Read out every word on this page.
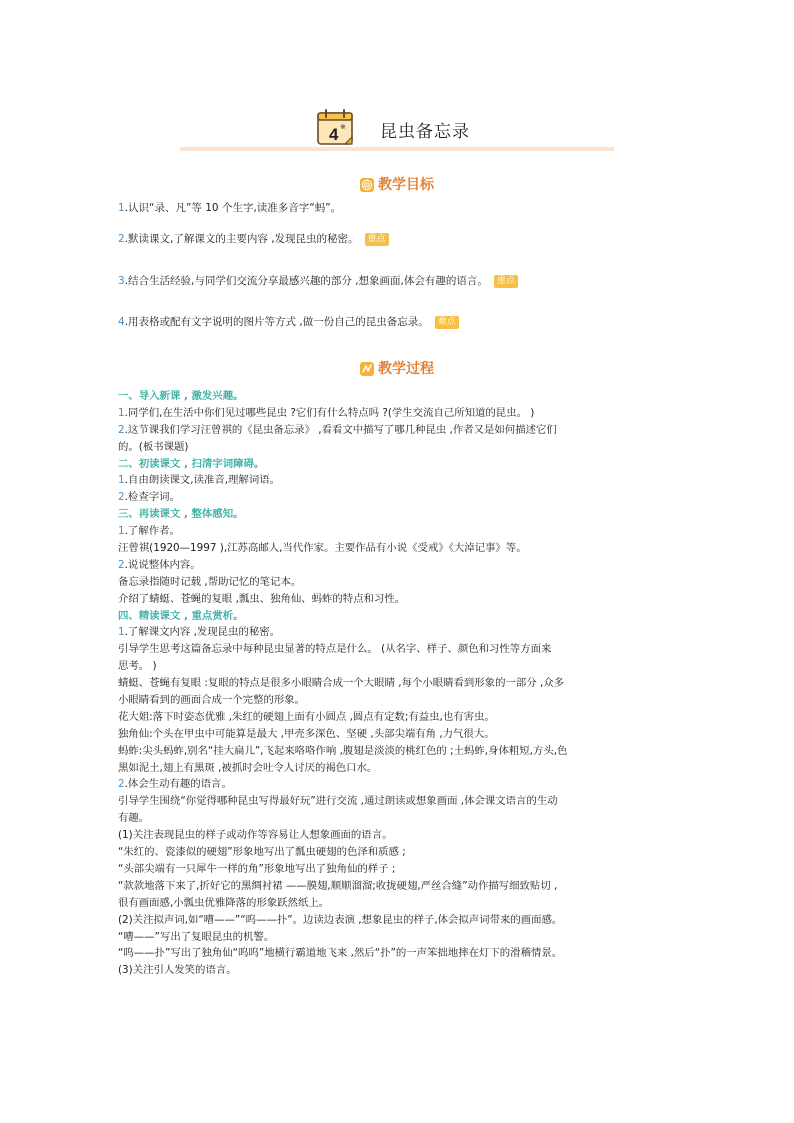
4 ※ 昆虫备忘录
教学目标
1.认识“录、凡”等 10 个生字,读准多音字“蚂”。
2.默读课文,了解课文的主要内容 ,发现昆虫的秘密。 重点
3.结合生活经验,与同学们交流分享最感兴趣的部分 ,想象画面,体会有趣的语言。 重点
4.用表格或配有文字说明的图片等方式 ,做一份自己的昆虫备忘录。 难点
教学过程
一、导入新课 , 激发兴趣。
1.同学们,在生活中你们见过哪些昆虫 ?它们有什么特点吗 ?(学生交流自己所知道的昆虫。 )
2.这节课我们学习汪曾祺的《昆虫备忘录》 ,看看文中描写了哪几种昆虫 ,作者又是如何描述它们
的。(板书课题)
二、初读课文 , 扫清字词障碍。
1.自由朗读课文,读准音,理解词语。
2.检查字词。
三、再读课文 , 整体感知。
1.了解作者。
汪曾祺(1920—1997 ),江苏高邮人,当代作家。主要作品有小说《受戒》《大淖记事》等。
2.说说整体内容。
备忘录指随时记载 ,帮助记忆的笔记本。
介绍了蜻蜓、苍蝇的复眼 ,瓢虫、独角仙、蚂蚱的特点和习性。
四、精读课文 , 重点赏析。
1.了解课文内容 ,发现昆虫的秘密。
引导学生思考这篇备忘录中每种昆虫显著的特点是什么。 (从名字、样子、颜色和习性等方面来
思考。 )
蜻蜓、苍蝇有复眼 :复眼的特点是很多小眼睛合成一个大眼睛 ,每个小眼睛看到形象的一部分 ,众多
小眼睛看到的画面合成一个完整的形象。
花大姐:落下时姿态优雅 ,朱红的硬翅上面有小圆点 ,圆点有定数;有益虫,也有害虫。
独角仙:个头在甲虫中可能算是最大 ,甲壳多深色、坚硬 ,头部尖端有角 ,力气很大。
蚂蚱:尖头蚂蚱,别名“挂大扁儿”,飞起来咯咯作响 ,腹翅是淡淡的桃红色的 ;土蚂蚱,身体粗短,方头,色
黑如泥土,翅上有黑斑 ,被抓时会吐令人讨厌的褐色口水。
2.体会生动有趣的语言。
引导学生围绕“你觉得哪种昆虫写得最好玩”进行交流 ,通过朗读或想象画面 ,体会课文语言的生动
有趣。
(1)关注表现昆虫的样子或动作等容易让人想象画面的语言。
“朱红的、瓷漆似的硬翅”形象地写出了瓢虫硬翅的色泽和质感 ;
“头部尖端有一只犀牛一样的角”形象地写出了独角仙的样子 ;
“款款地落下来了,折好它的黑绸衬裙 ——膜翅,顺顺溜溜;收拢硬翅,严丝合缝”动作描写细致贴切 ,
很有画面感,小瓢虫优雅降落的形象跃然纸上。
(2)关注拟声词,如“嘈——”“呜——扑”。边读边表演 ,想象昆虫的样子,体会拟声词带来的画面感。
“嘈——”写出了复眼昆虫的机警。
“呜——扑”写出了独角仙“呜呜”地横行霸道地飞来 ,然后“扑”的一声笨拙地摔在灯下的滑稽情景。
(3)关注引人发笑的语言。
